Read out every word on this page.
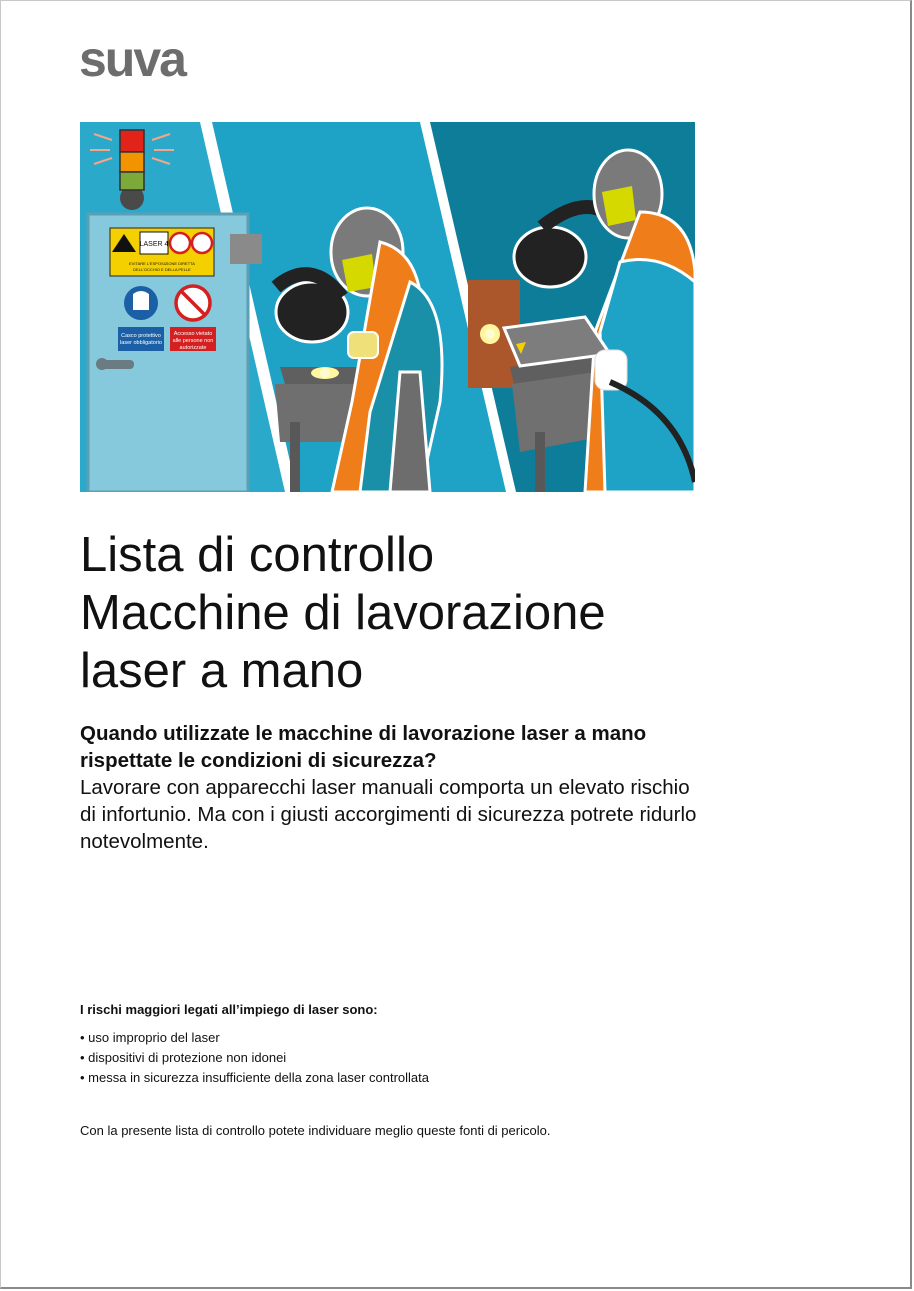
suva
LASER 4
EVITARE L'ESPOSIZIONE DIRETTA
DELL'OCCHIO E DELLA PELLE
Casco protettivo
laser obbligatorio
Accesso vietato
alle persone non
autorizzate
Lista di controllo
Macchine di lavorazione
laser a mano
Quando utilizzate le macchine di lavorazione laser a mano rispettate le condizioni di sicurezza?
Lavorare con apparecchi laser manuali comporta un elevato rischio di infortunio. Ma con i giusti accorgimenti di sicurezza potrete ridurlo notevolmente.
I rischi maggiori legati all’impiego di laser sono:
• uso improprio del laser
• dispositivi di protezione non idonei
• messa in sicurezza insufficiente della zona laser controllata
Con la presente lista di controllo potete individuare meglio queste fonti di pericolo.
